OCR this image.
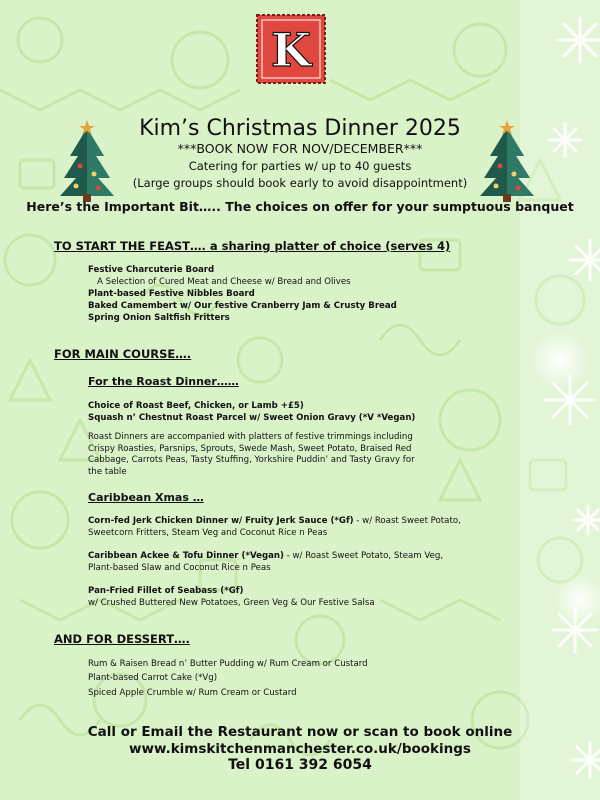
K
Kim’s Christmas Dinner 2025
***BOOK NOW FOR NOV/DECEMBER***
Catering for parties w/ up to 40 guests
(Large groups should book early to avoid disappointment)
Here’s the Important Bit….. The choices on offer for your sumptuous banquet
TO START THE FEAST…. a sharing platter of choice (serves 4)
Festive Charcuterie Board
A Selection of Cured Meat and Cheese w/ Bread and Olives
Plant-based Festive Nibbles Board
Baked Camembert w/ Our festive Cranberry Jam & Crusty Bread
Spring Onion Saltfish Fritters
FOR MAIN COURSE….
For the Roast Dinner……
Choice of Roast Beef, Chicken, or Lamb +£5)
Squash n’ Chestnut Roast Parcel w/ Sweet Onion Gravy (*V *Vegan)
Roast Dinners are accompanied with platters of festive trimmings including Crispy Roasties, Parsnips, Sprouts, Swede Mash, Sweet Potato, Braised Red Cabbage, Carrots Peas, Tasty Stuffing, Yorkshire Puddin’ and Tasty Gravy for the table
Caribbean Xmas …
Corn-fed Jerk Chicken Dinner w/ Fruity Jerk Sauce (*Gf) - w/ Roast Sweet Potato,
Sweetcorn Fritters, Steam Veg and Coconut Rice n Peas
Caribbean Ackee & Tofu Dinner (*Vegan) - w/ Roast Sweet Potato, Steam Veg,
Plant-based Slaw and Coconut Rice n Peas
Pan-Fried Fillet of Seabass (*Gf)
w/ Crushed Buttered New Potatoes, Green Veg & Our Festive Salsa
AND FOR DESSERT….
Rum & Raisen Bread n’ Butter Pudding w/ Rum Cream or Custard
Plant-based Carrot Cake (*Vg)
Spiced Apple Crumble w/ Rum Cream or Custard
Call or Email the Restaurant now or scan to book online
www.kimskitchenmanchester.co.uk/bookings
Tel 0161 392 6054
